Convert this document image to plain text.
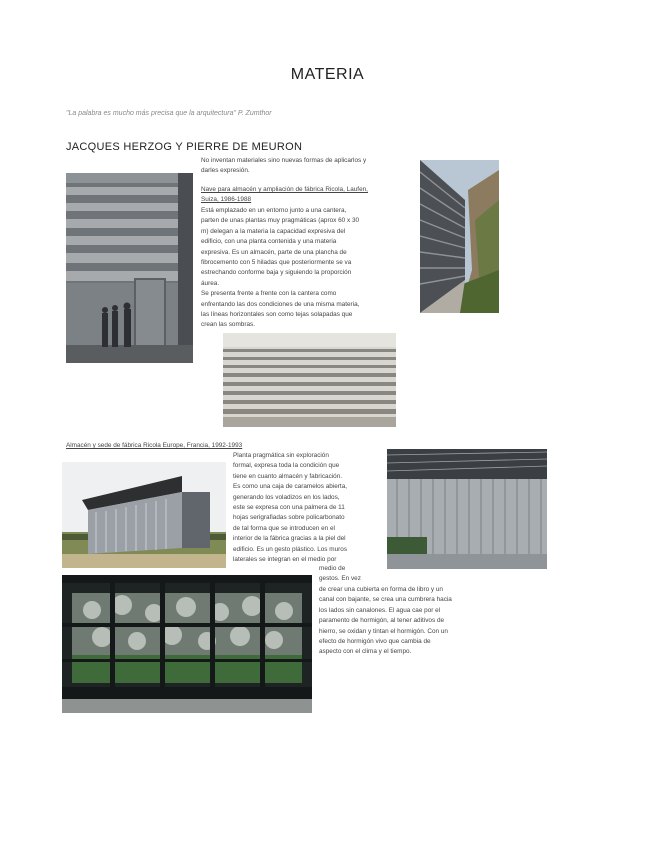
MATERIA
"La palabra es mucho más precisa que la arquitectura" P. Zumthor
JACQUES HERZOG Y PIERRE DE MEURON
No inventan materiales sino nuevas formas de aplicarlos y
darles expresión.
Nave para almacén y ampliación de fábrica Ricola, Laufen,
Suiza, 1986-1988
Está emplazado en un entorno junto a una cantera,
parten de unas plantas muy pragmáticas (aprox 60 x 30
m) delegan a la materia la capacidad expresiva del
edificio, con una planta contenida y una materia
expresiva. Es un almacén, parte de una plancha de
fibrocemento con 5 hiladas que posteriormente se va
estrechando conforme baja y siguiendo la proporción
áurea.
Se presenta frente a frente con la cantera como
enfrentando las dos condiciones de una misma materia,
las líneas horizontales son como tejas solapadas que
crean las sombras.
Almacén y sede de fábrica Ricola Europe, Francia, 1992-1993
Planta pragmática sin exploración
formal, expresa toda la condición que
tiene en cuanto almacén y fabricación.
Es como una caja de caramelos abierta,
generando los voladizos en los lados,
este se expresa con una palmera de 11
hojas serigrafiadas sobre policarbonato
de tal forma que se introducen en el
interior de la fábrica gracias a la piel del
edificio. Es un gesto plástico. Los muros
laterales se integran en el medio por
medio de
gestos. En vez
de crear una cubierta en forma de libro y un
canal con bajante, se crea una cumbrera hacia
los lados sin canalones. El agua cae por el
paramento de hormigón, al tener aditivos de
hierro, se oxidan y tintan el hormigón. Con un
efecto de hormigón vivo que cambia de
aspecto con el clima y el tiempo.
